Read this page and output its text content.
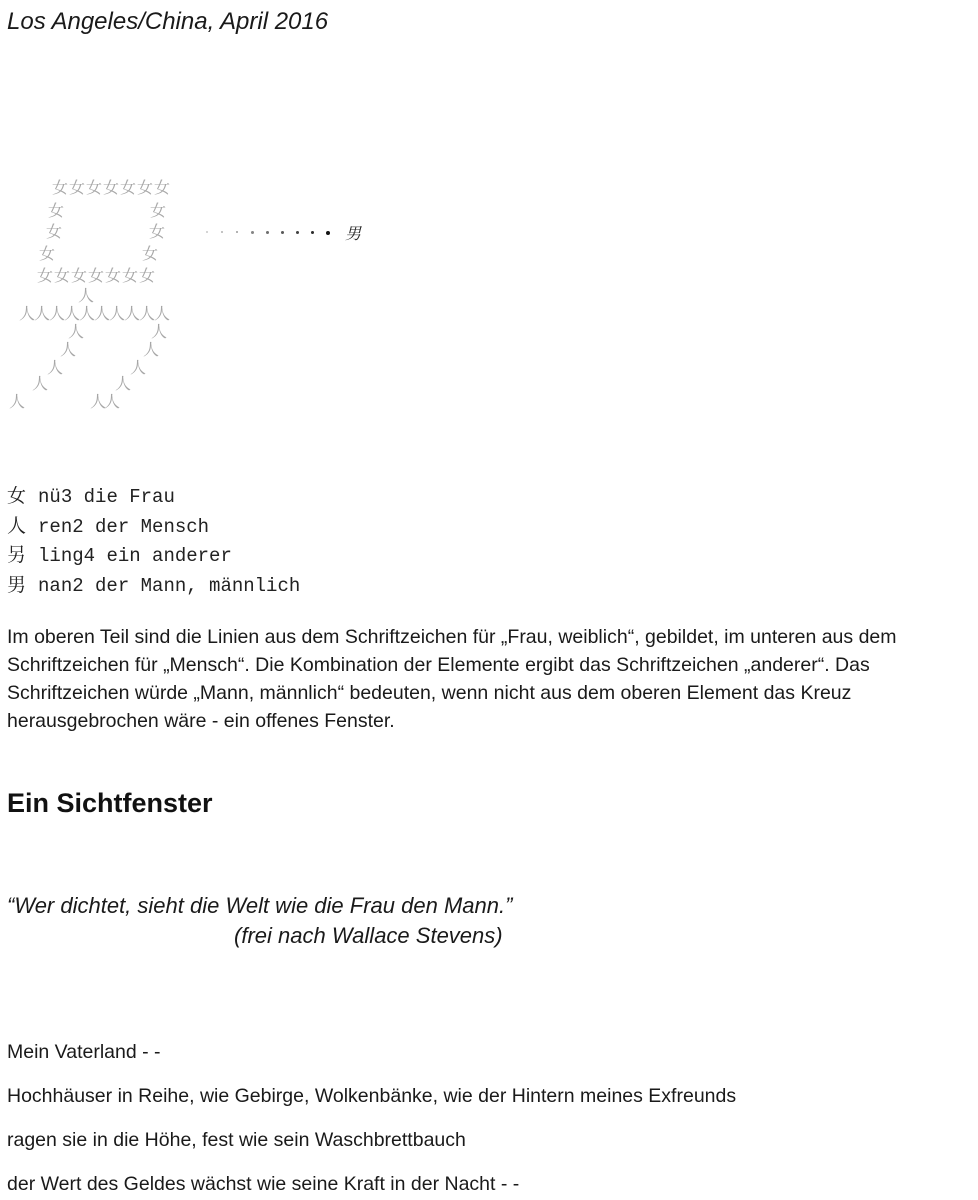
Los Angeles/China, April 2016
女 女 女 女 女 女 女
女	女
女	女
女	女
女 女 女 女 女 女 女
人
人
人
人
人
人
人
人
人
人
人
人	人
人	人
人	人
人	人
人	人
人
男
女 nü3 die Frau
人 ren2 der Mensch
另 ling4 ein anderer
男 nan2 der Mann, männlich
Im oberen Teil sind die Linien aus dem Schriftzeichen für „Frau, weiblich“, gebildet, im unteren aus dem Schriftzeichen für „Mensch“. Die Kombination der Elemente ergibt das Schriftzeichen „anderer“. Das Schriftzeichen würde „Mann, männlich“ bedeuten, wenn nicht aus dem oberen Element das Kreuz herausgebrochen wäre - ein offenes Fenster.
Ein Sichtfenster
“Wer dichtet, sieht die Welt wie die Frau den Mann.”
(frei nach Wallace Stevens)
Mein Vaterland - -
Hochhäuser in Reihe, wie Gebirge, Wolkenbänke, wie der Hintern meines Exfreunds
ragen sie in die Höhe, fest wie sein Waschbrettbauch
der Wert des Geldes wächst wie seine Kraft in der Nacht - -
